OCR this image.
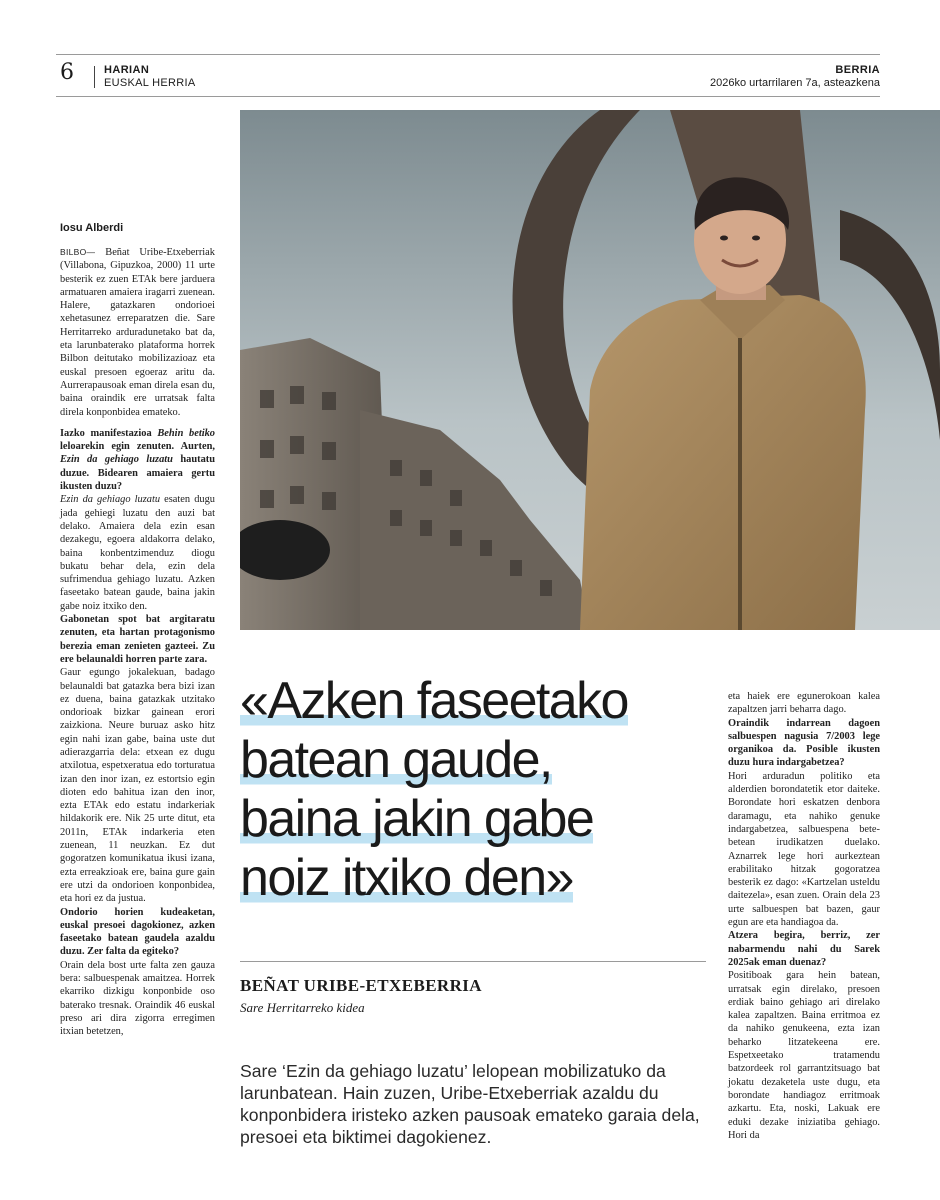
6	HARIAN
EUSKAL HERRIA
BERRIA
2026ko urtarrilaren 7a, asteazkena
Iosu Alberdi

BILBO— Beñat Uribe-Etxeberriak (Villabona, Gipuzkoa, 2000) 11 urte besterik ez zuen ETAk bere jarduera armatuaren amaiera iragarri zuenean. Halere, gatazkaren ondorioei xehetasunez erreparatzen die. Sare Herritarreko arduradunetako bat da, eta larunbaterako plataforma horrek Bilbon deitutako mobilizazioaz eta euskal presoen egoeraz aritu da. Aurrerapausoak eman direla esan du, baina oraindik ere urratsak falta direla konponbidea emateko.

Iazko manifestazioa Behin betiko leloarekin egin zenuten. Aurten, Ezin da gehiago luzatu hautatu duzue. Bidearen amaiera gertu ikusten duzu?

Ezin da gehiago luzatu esaten dugu jada gehiegi luzatu den auzi bat delako. Amaiera dela ezin esan dezakegu, egoera aldakorra delako, baina konbentzimenduz diogu bukatu behar dela, ezin dela sufrimendua gehiago luzatu. Azken faseetako batean gaude, baina jakin gabe noiz itxiko den.

Gabonetan spot bat argitaratu zenuten, eta hartan protagonismo berezia eman zenieten gazteei. Zu ere belaunaldi horren parte zara.

Gaur egungo jokalekuan, badago belaunaldi bat gatazka bera bizi izan ez duena, baina gatazkak utzitako ondorioak bizkar gainean erori zaizkiona. Neure buruaz asko hitz egin nahi izan gabe, baina uste dut adierazgarria dela: etxean ez dugu atxilotua, espetxeratua edo torturatua izan den inor izan, ez estortsio egin dioten edo bahitua izan den inor, ezta ETAk edo estatu indarkeriak hildakorik ere. Nik 25 urte ditut, eta 2011n, ETAk indarkeria eten zuenean, 11 neuzkan. Ez dut gogoratzen komunikatua ikusi izana, ezta erreakzioak ere, baina gure gain ere utzi da ondorioen konponbidea, eta hori ez da justua.

Ondorio horien kudeaketan, euskal presoei dagokionez, azken faseetako batean gaudela azaldu duzu. Zer falta da egiteko?

Orain dela bost urte falta zen gauza bera: salbuespenak amaitzea. Horrek ekarriko dizkigu konponbide oso baterako tresnak. Oraindik 46 euskal preso ari dira zigorra erregimen itxian betetzen,

«Azken faseetako batean gaude, baina jakin gabe noiz itxiko den»
BEÑAT URIBE-ETXEBERRIA
Sare Herritarreko kidea

Sare ‘Ezin da gehiago luzatu’ lelopean mobilizatuko da larunbatean. Hain zuzen, Uribe-Etxeberriak azaldu du konponbidera iristeko azken pausoak emateko garaia dela, presoei eta biktimei dagokienez.

eta haiek ere egunerokoan kalea zapaltzen jarri beharra dago.

Oraindik indarrean dagoen salbuespen nagusia 7/2003 lege organikoa da. Posible ikusten duzu hura indargabetzea?

Hori arduradun politiko eta alderdien borondatetik etor daiteke. Borondate hori eskatzen denbora daramagu, eta nahiko genuke indargabetzea, salbuespena bete-betean irudikatzen duelako. Aznarrek lege hori aurkeztean erabilitako hitzak gogoratzea besterik ez dago: «Kartzelan usteldu daitezela», esan zuen. Orain dela 23 urte salbuespen bat bazen, gaur egun are eta handiagoa da.

Atzera begira, berriz, zer nabarmendu nahi du Sarek 2025ak eman duenaz?

Positiboak gara hein batean, urratsak egin direlako, presoen erdiak baino gehiago ari direlako kalea zapaltzen. Baina erritmoa ez da nahiko genukeena, ezta izan beharko litzatekeena ere. Espetxeetako tratamendu batzordeek rol garrantzitsuago bat jokatu dezaketela uste dugu, eta borondate handiagoz erritmoak azkartu. Eta, noski, Lakuak ere eduki dezake iniziatiba gehiago. Hori da
